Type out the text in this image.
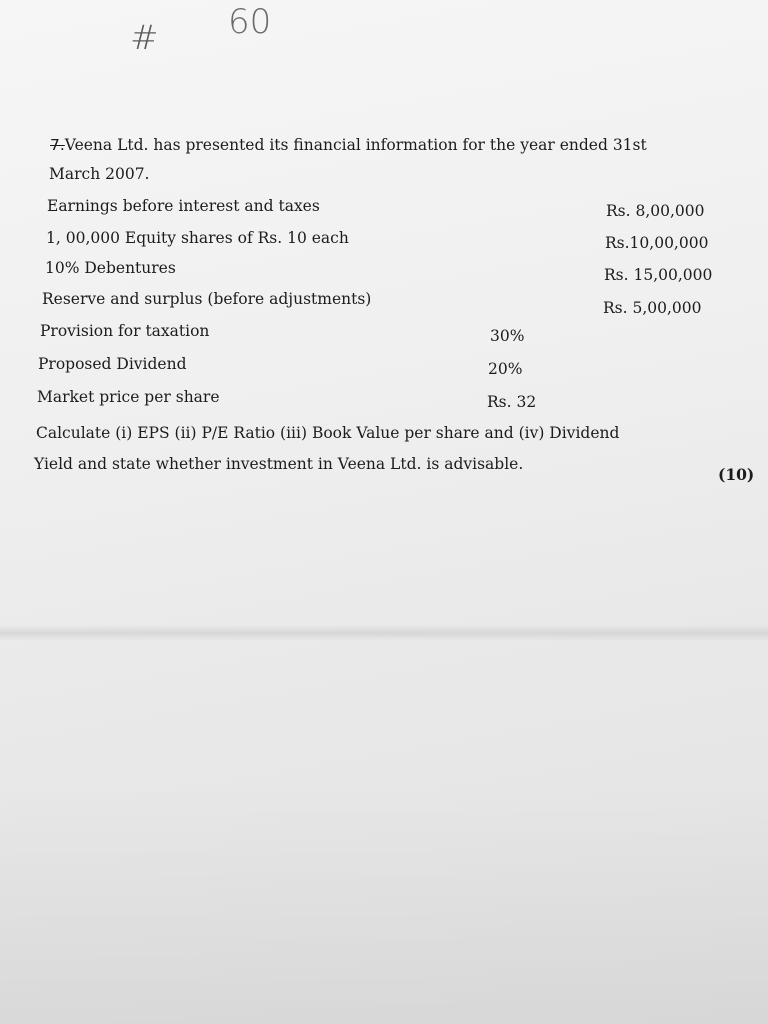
# 60
7.Veena Ltd. has presented its financial information for the year ended 31st
March 2007.
Earnings before interest and taxes	Rs. 8,00,000
1, 00,000 Equity shares of Rs. 10 each	Rs.10,00,000
10% Debentures	Rs. 15,00,000
Reserve and surplus (before adjustments)	Rs. 5,00,000
Provision for taxation	30%
Proposed Dividend	20%
Market price per share	Rs. 32
Calculate (i) EPS (ii) P/E Ratio (iii) Book Value per share and (iv) Dividend
Yield and state whether investment in Veena Ltd. is advisable.
(10)
